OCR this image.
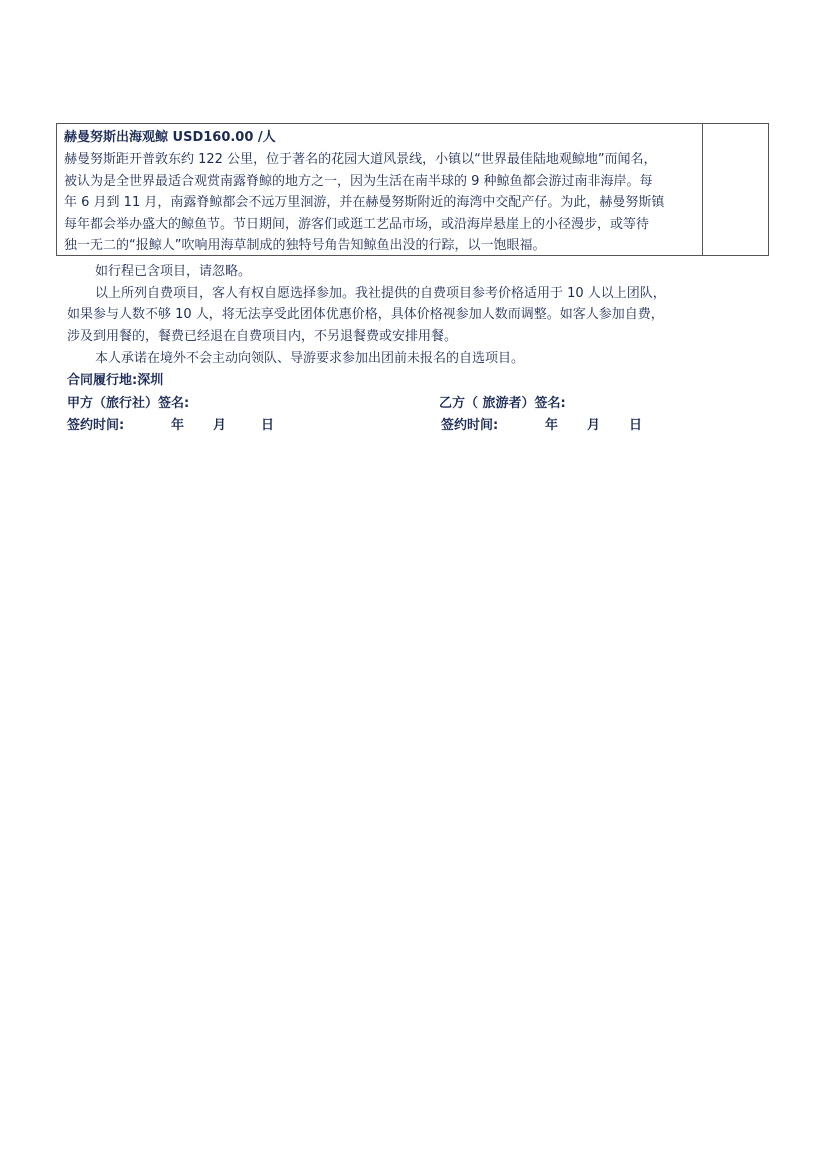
赫曼努斯出海观鲸 USD160.00 /人
赫曼努斯距开普敦东约 122 公里，位于著名的花园大道风景线，小镇以“世界最佳陆地观鲸地”而闻名，
被认为是全世界最适合观赏南露脊鲸的地方之一，因为生活在南半球的 9 种鲸鱼都会游过南非海岸。每
年 6 月到 11 月，南露脊鲸都会不远万里洄游，并在赫曼努斯附近的海湾中交配产仔。为此，赫曼努斯镇
每年都会举办盛大的鲸鱼节。节日期间，游客们或逛工艺品市场，或沿海岸悬崖上的小径漫步，或等待
独一无二的“报鲸人”吹响用海草制成的独特号角告知鲸鱼出没的行踪，以一饱眼福。
如行程已含项目，请忽略。
以上所列自费项目，客人有权自愿选择参加。我社提供的自费项目参考价格适用于 10 人以上团队，
如果参与人数不够 10 人，将无法享受此团体优惠价格，具体价格视参加人数而调整。如客人参加自费，
涉及到用餐的，餐费已经退在自费项目内，不另退餐费或安排用餐。
本人承诺在境外不会主动向领队、导游要求参加出团前未报名的自选项目。
合同履行地:深圳
甲方（旅行社）签名:	乙方（ 旅游者）签名:
签约时间:	年 月	日	签约时间:	年 月 日
